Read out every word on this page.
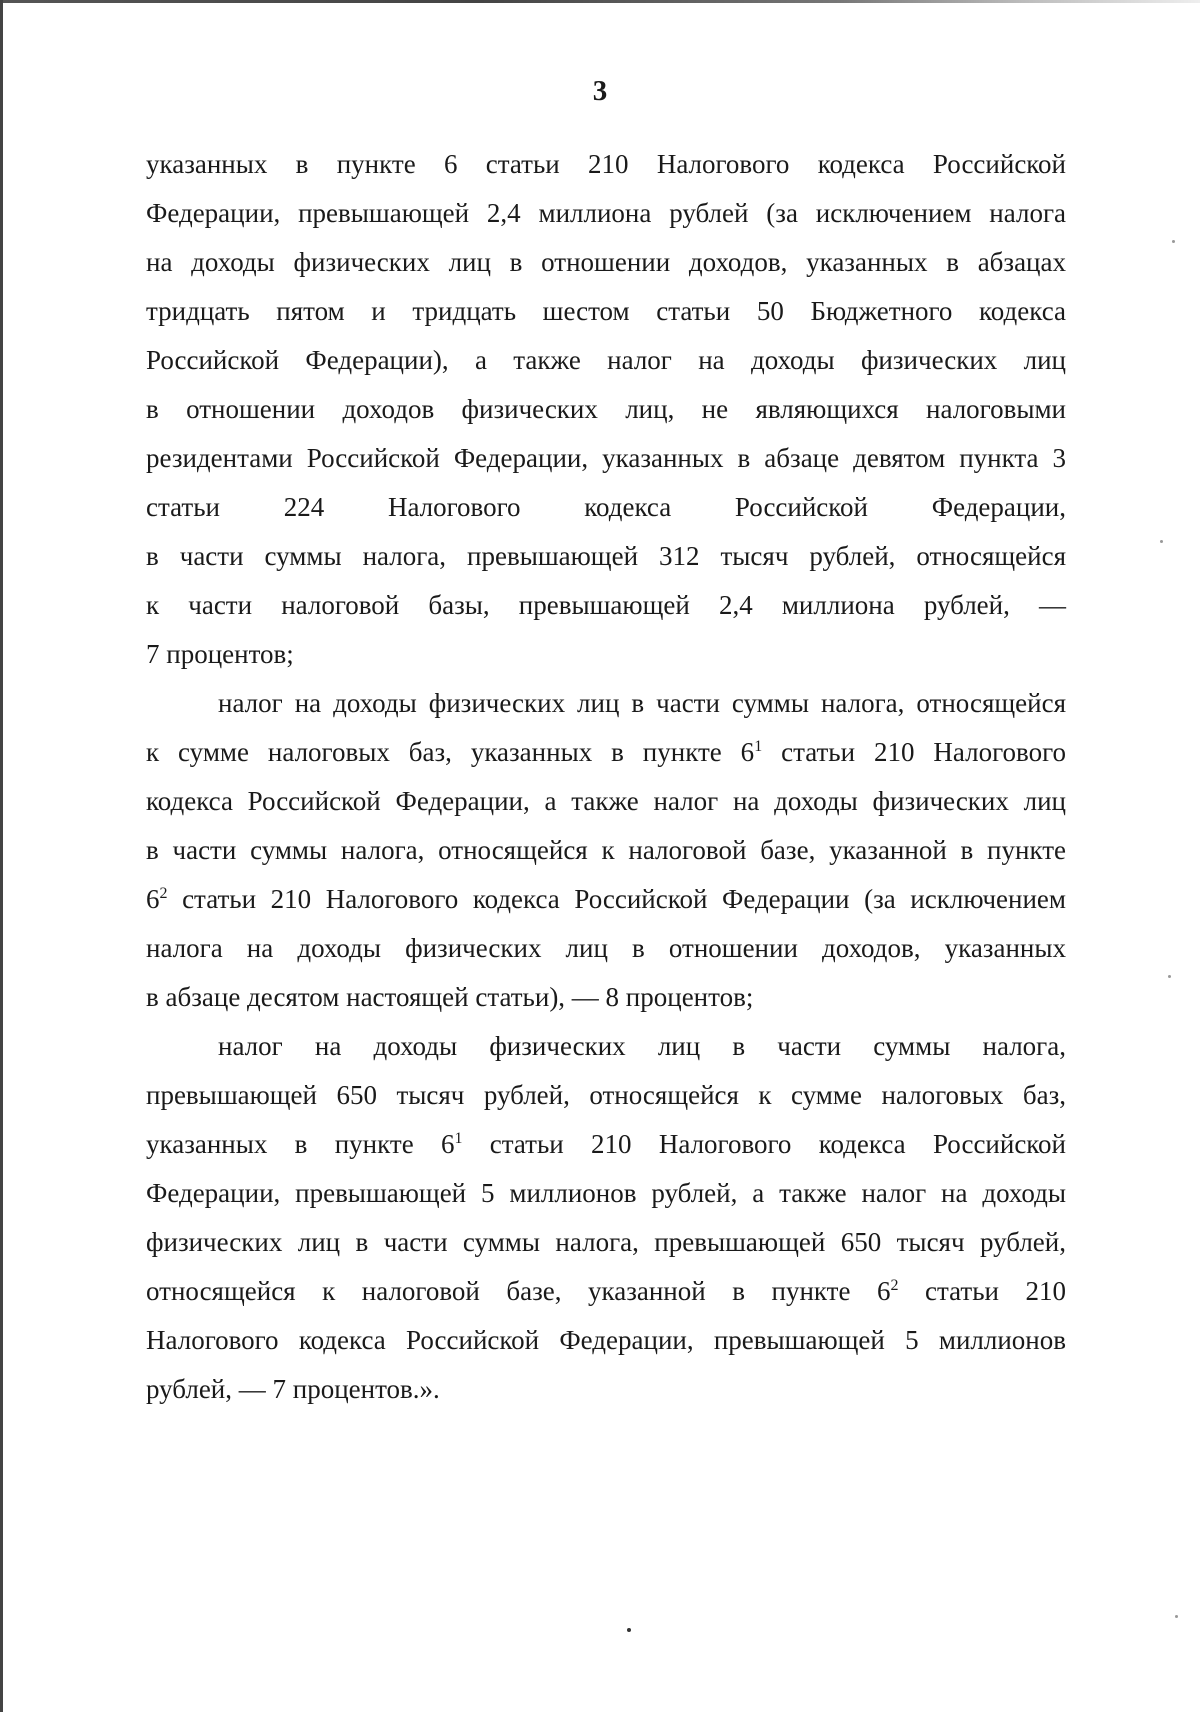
3
указанных в пункте 6 статьи 210 Налогового кодекса Российской
Федерации, превышающей 2,4 миллиона рублей (за исключением налога
на доходы физических лиц в отношении доходов, указанных в абзацах
тридцать пятом и тридцать шестом статьи 50 Бюджетного кодекса
Российской Федерации), а также налог на доходы физических лиц
в отношении доходов физических лиц, не являющихся налоговыми
резидентами Российской Федерации, указанных в абзаце девятом пункта 3
статьи 224 Налогового кодекса Российской Федерации,
в части суммы налога, превышающей 312 тысяч рублей, относящейся
к части налоговой базы, превышающей 2,4 миллиона рублей, —
7 процентов;
налог на доходы физических лиц в части суммы налога, относящейся
к сумме налоговых баз, указанных в пункте $6^1$ статьи 210 Налогового
кодекса Российской Федерации, а также налог на доходы физических лиц
в части суммы налога, относящейся к налоговой базе, указанной в пункте
$6^2$ статьи 210 Налогового кодекса Российской Федерации (за исключением
налога на доходы физических лиц в отношении доходов, указанных
в абзаце десятом настоящей статьи), — 8 процентов;
налог на доходы физических лиц в части суммы налога,
превышающей 650 тысяч рублей, относящейся к сумме налоговых баз,
указанных в пункте $6^1$ статьи 210 Налогового кодекса Российской
Федерации, превышающей 5 миллионов рублей, а также налог на доходы
физических лиц в части суммы налога, превышающей 650 тысяч рублей,
относящейся к налоговой базе, указанной в пункте $6^2$ статьи 210
Налогового кодекса Российской Федерации, превышающей 5 миллионов
рублей, — 7 процентов.».
